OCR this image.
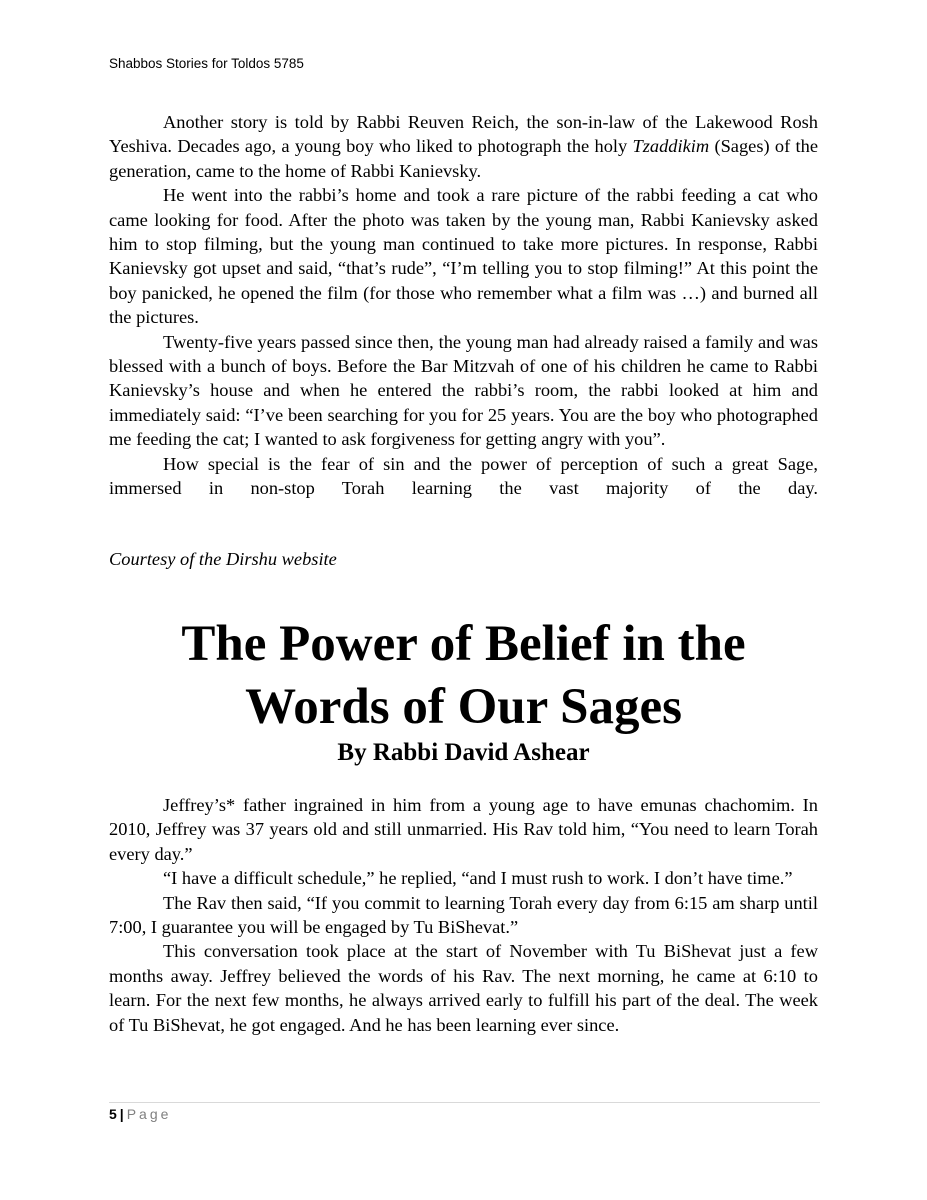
Shabbos Stories for Toldos 5785

Another story is told by Rabbi Reuven Reich, the son-in-law of the Lakewood Rosh Yeshiva. Decades ago, a young boy who liked to photograph the holy Tzaddikim (Sages) of the generation, came to the home of Rabbi Kanievsky.

He went into the rabbi’s home and took a rare picture of the rabbi feeding a cat who came looking for food. After the photo was taken by the young man, Rabbi Kanievsky asked him to stop filming, but the young man continued to take more pictures. In response, Rabbi Kanievsky got upset and said, “that’s rude”, “I’m telling you to stop filming!” At this point the boy panicked, he opened the film (for those who remember what a film was …) and burned all the pictures.

Twenty-five years passed since then, the young man had already raised a family and was blessed with a bunch of boys. Before the Bar Mitzvah of one of his children he came to Rabbi Kanievsky’s house and when he entered the rabbi’s room, the rabbi looked at him and immediately said: “I’ve been searching for you for 25 years. You are the boy who photographed me feeding the cat; I wanted to ask forgiveness for getting angry with you”.

How special is the fear of sin and the power of perception of such a great Sage, immersed in non-stop Torah learning the vast majority of the day.

Courtesy of the Dirshu website

The Power of Belief in the
Words of Our Sages

By Rabbi David Ashear

Jeffrey’s* father ingrained in him from a young age to have emunas chachomim. In 2010, Jeffrey was 37 years old and still unmarried. His Rav told him, “You need to learn Torah every day.”

“I have a difficult schedule,” he replied, “and I must rush to work. I don’t have time.”

The Rav then said, “If you commit to learning Torah every day from 6:15 am sharp until 7:00, I guarantee you will be engaged by Tu BiShevat.”

This conversation took place at the start of November with Tu BiShevat just a few months away. Jeffrey believed the words of his Rav. The next morning, he came at 6:10 to learn. For the next few months, he always arrived early to fulfill his part of the deal. The week of Tu BiShevat, he got engaged. And he has been learning ever since.

5 | Page
